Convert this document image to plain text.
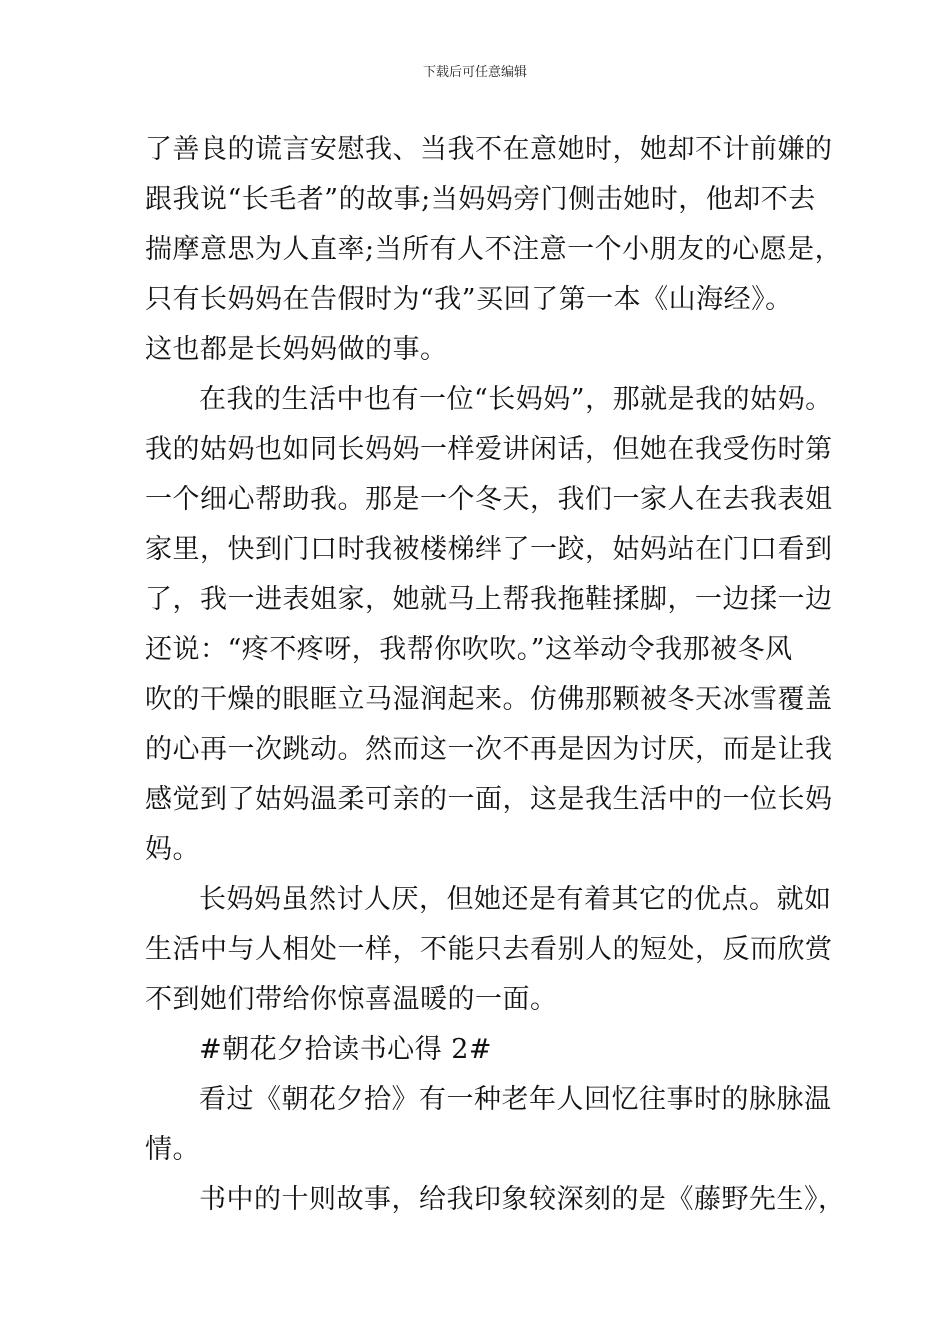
下载后可任意编辑
了善良的谎言安慰我、当我不在意她时，她却不计前嫌的
跟我说“长毛者”的故事;当妈妈旁门侧击她时，他却不去
揣摩意思为人直率;当所有人不注意一个小朋友的心愿是，
只有长妈妈在告假时为“我”买回了第一本《山海经》。
这也都是长妈妈做的事。
在我的生活中也有一位“长妈妈”，那就是我的姑妈。
我的姑妈也如同长妈妈一样爱讲闲话，但她在我受伤时第
一个细心帮助我。那是一个冬天，我们一家人在去我表姐
家里，快到门口时我被楼梯绊了一跤，姑妈站在门口看到
了，我一进表姐家，她就马上帮我拖鞋揉脚，一边揉一边
还说：“疼不疼呀，我帮你吹吹。”这举动令我那被冬风
吹的干燥的眼眶立马湿润起来。仿佛那颗被冬天冰雪覆盖
的心再一次跳动。然而这一次不再是因为讨厌，而是让我
感觉到了姑妈温柔可亲的一面，这是我生活中的一位长妈
妈。
长妈妈虽然讨人厌，但她还是有着其它的优点。就如
生活中与人相处一样，不能只去看别人的短处，反而欣赏
不到她们带给你惊喜温暖的一面。
#朝花夕拾读书心得 2#
看过《朝花夕拾》有一种老年人回忆往事时的脉脉温
情。
书中的十则故事，给我印象较深刻的是《藤野先生》，
